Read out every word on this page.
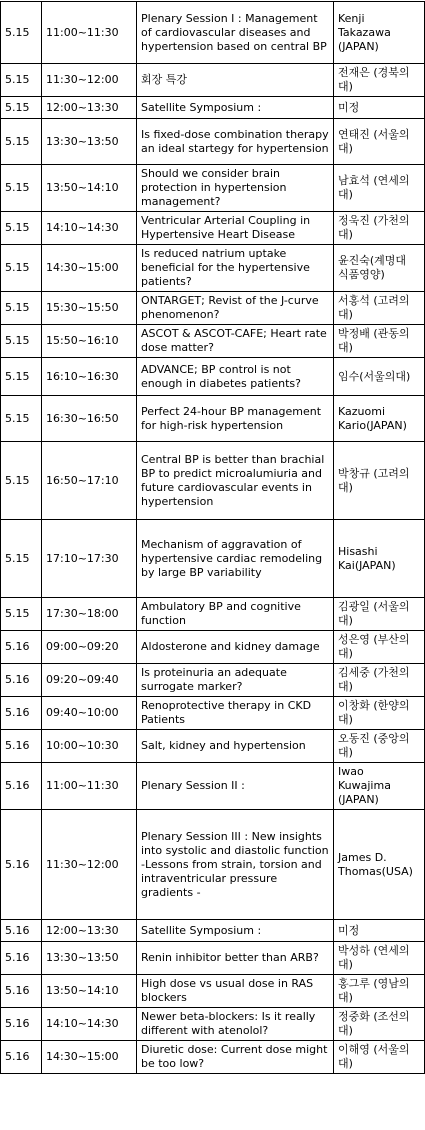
5.15	11:00~11:30	Plenary Session I : Management of cardiovascular diseases and hypertension based on central BP	Kenji Takazawa (JAPAN)
5.15	11:30~12:00	회장 특강	전재은 (경북의대)
5.15	12:00~13:30	Satellite Symposium :	미정
5.15	13:30~13:50	Is fixed-dose combination therapy an ideal startegy for hypertension	연태진 (서울의대)
5.15	13:50~14:10	Should we consider brain protection in hypertension management?	남효석 (연세의대)
5.15	14:10~14:30	Ventricular Arterial Coupling in Hypertensive Heart Disease	정욱진 (가천의대)
5.15	14:30~15:00	Is reduced natrium uptake beneficial for the hypertensive patients?	윤진숙(계명대 식품영양)
5.15	15:30~15:50	ONTARGET; Revist of the J-curve phenomenon?	서홍석 (고려의대)
5.15	15:50~16:10	ASCOT & ASCOT-CAFE; Heart rate dose matter?	박정배 (관동의대)
5.15	16:10~16:30	ADVANCE; BP control is not enough in diabetes patients?	임수(서울의대)
5.15	16:30~16:50	Perfect 24-hour BP management for high-risk hypertension	Kazuomi Kario(JAPAN)
5.15	16:50~17:10	Central BP is better than brachial BP to predict microalumiuria and future cardiovascular events in hypertension	박창규 (고려의대)
5.15	17:10~17:30	Mechanism of aggravation of hypertensive cardiac remodeling by large BP variability	Hisashi Kai(JAPAN)
5.15	17:30~18:00	Ambulatory BP and cognitive function	김광일 (서울의대)
5.16	09:00~09:20	Aldosterone and kidney damage	성은영 (부산의대)
5.16	09:20~09:40	Is proteinuria an adequate surrogate marker?	김세중 (가천의대)
5.16	09:40~10:00	Renoprotective therapy in CKD Patients	이창화 (한양의대)
5.16	10:00~10:30	Salt, kidney and hypertension	오동진 (중앙의대)
5.16	11:00~11:30	Plenary Session II :	Iwao Kuwajima (JAPAN)
5.16	11:30~12:00	Plenary Session III : New insights into systolic and diastolic function -Lessons from strain, torsion and intraventricular pressure gradients -	James D. Thomas(USA)
5.16	12:00~13:30	Satellite Symposium :	미정
5.16	13:30~13:50	Renin inhibitor better than ARB?	박성하 (연세의대)
5.16	13:50~14:10	High dose vs usual dose in RAS blockers	홍그루 (영남의대)
5.16	14:10~14:30	Newer beta-blockers: Is it really different with atenolol?	정중화 (조선의대)
5.16	14:30~15:00	Diuretic dose: Current dose might be too low?	이해영 (서울의대)
